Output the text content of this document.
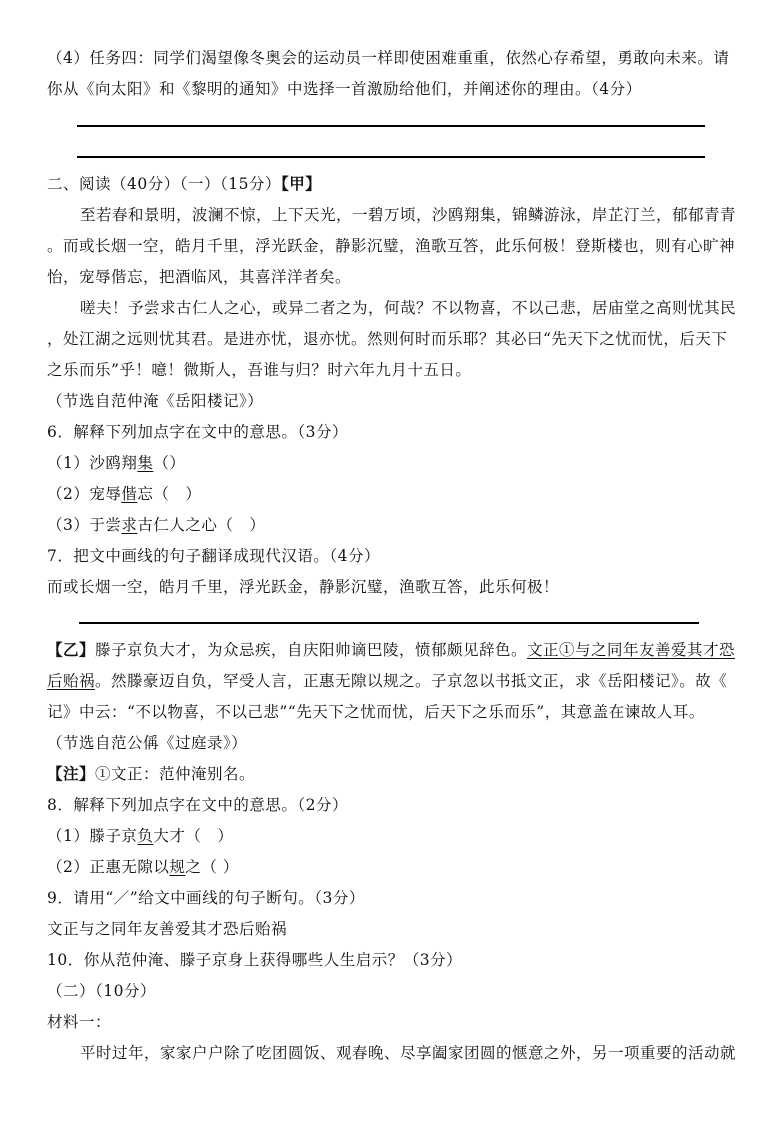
（4）任务四：同学们渴望像冬奥会的运动员一样即使困难重重，依然心存希望，勇敢向未来。请
你从《向太阳》和《黎明的通知》中选择一首激励给他们，并阐述你的理由。（4分）
二、阅读（40分）（一）（15分）【甲】
至若春和景明，波澜不惊，上下天光，一碧万顷，沙鸥翔集，锦鳞游泳，岸芷汀兰，郁郁青青
。而或长烟一空，皓月千里，浮光跃金，静影沉璧，渔歌互答，此乐何极！登斯楼也，则有心旷神
怡，宠辱偕忘，把酒临风，其喜洋洋者矣。
嗟夫！予尝求古仁人之心，或异二者之为，何哉？不以物喜，不以己悲，居庙堂之高则忧其民
，处江湖之远则忧其君。是进亦忧，退亦忧。然则何时而乐耶？其必曰“先天下之忧而忧，后天下
之乐而乐”乎！噫！微斯人，吾谁与归？时六年九月十五日。
（节选自范仲淹《岳阳楼记》）
6．解释下列加点字在文中的意思。（3分）
（1）沙鸥翔集（）
（2）宠辱偕忘（　）
（3）于尝求古仁人之心（　）
7．把文中画线的句子翻译成现代汉语。（4分）
而或长烟一空，皓月千里，浮光跃金，静影沉璧，渔歌互答，此乐何极！
【乙】滕子京负大才，为众忌疾，自庆阳帅谪巴陵，愤郁颇见辞色。文正①与之同年友善爱其才恐
后贻祸。然滕豪迈自负，罕受人言，正惠无隙以规之。子京忽以书抵文正，求《岳阳楼记》。故《
记》中云：“不以物喜，不以己悲”“先天下之忧而忧，后天下之乐而乐”，其意盖在谏故人耳。
（节选自范公偁《过庭录》）
【注】①文正：范仲淹别名。
8．解释下列加点字在文中的意思。（2分）
（1）滕子京负大才（　）
（2）正惠无隙以规之（ ）
9．请用“／”给文中画线的句子断句。（3分）
文正与之同年友善爱其才恐后贻祸
10．你从范仲淹、滕子京身上获得哪些人生启示？（3分）
（二）（10分）
材料一：
平时过年，家家户户除了吃团圆饭、观春晚、尽享阖家团圆的惬意之外，另一项重要的活动就
